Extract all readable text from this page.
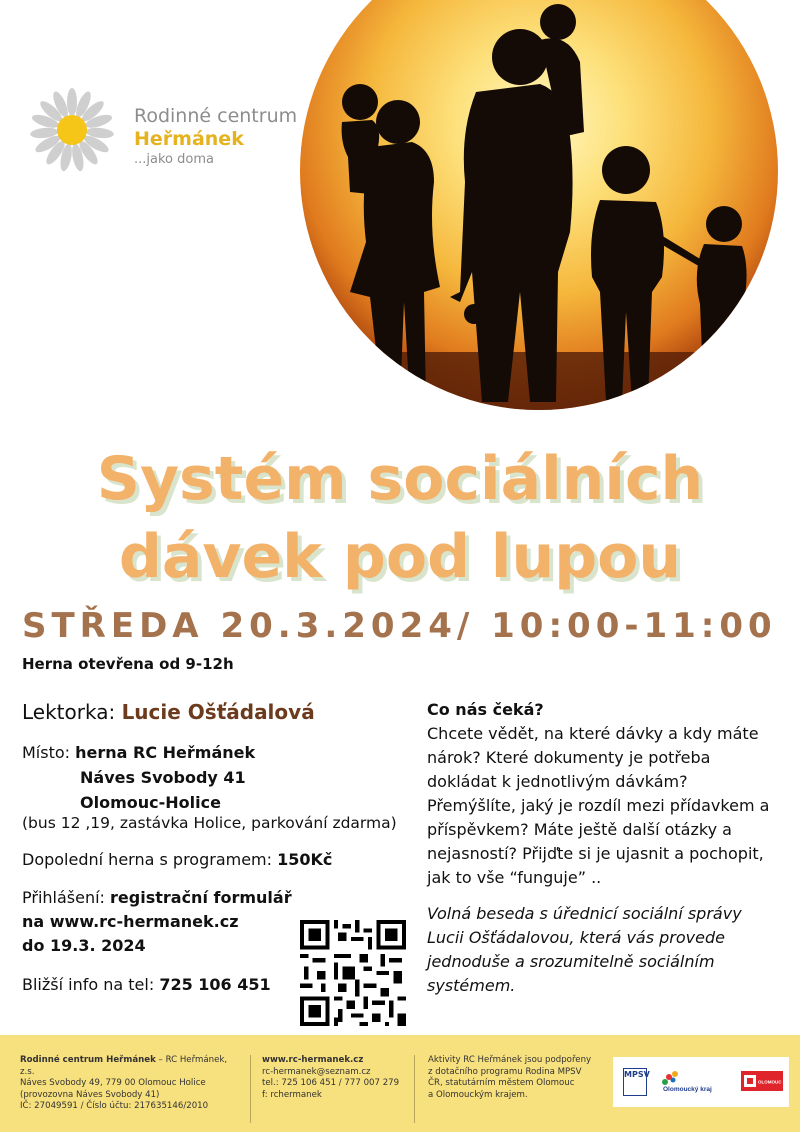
Rodinné centrum
Heřmánek
...jako doma
Systém sociálních
dávek pod lupou
STŘEDA 20.3.2024/ 10:00-11:00
Herna otevřena od 9-12h
Lektorka: Lucie Ošťádalová
Místo: herna RC Heřmánek
Náves Svobody 41
Olomouc-Holice
(bus 12 ,19, zastávka Holice, parkování zdarma)
Dopolední herna s programem: 150Kč
Přihlášení: registrační formulář
na www.rc-hermanek.cz
do 19.3. 2024
Bližší info na tel: 725 106 451
Co nás čeká?

Chcete vědět, na které dávky a kdy máte nárok? Které dokumenty je potřeba dokládat k jednotlivým dávkám? Přemýšlíte, jaký je rozdíl mezi přídavkem a příspěvkem? Máte ještě další otázky a nejasností? Přijďte si je ujasnit a pochopit, jak to vše “funguje” ..

Volná beseda s úřednicí sociální správy Lucii Ošťádalovou, která vás provede jednoduše a srozumitelně sociálním systémem.

Rodinné centrum Heřmánek – RC Heřmánek, z.s.
Náves Svobody 49, 779 00 Olomouc Holice
(provozovna Náves Svobody 41)
IČ: 27049591 / Číslo účtu: 217635146/2010
www.rc-hermanek.cz
rc-hermanek@seznam.cz
tel.: 725 106 451 / 777 007 279
f: rchermanek
Aktivity RC Heřmánek jsou podpořeny
z dotačního programu Rodina MPSV
ČR, statutárním městem Olomouc
a Olomouckým krajem.
MPSV
Olomoucký kraj
OLOMOUC
